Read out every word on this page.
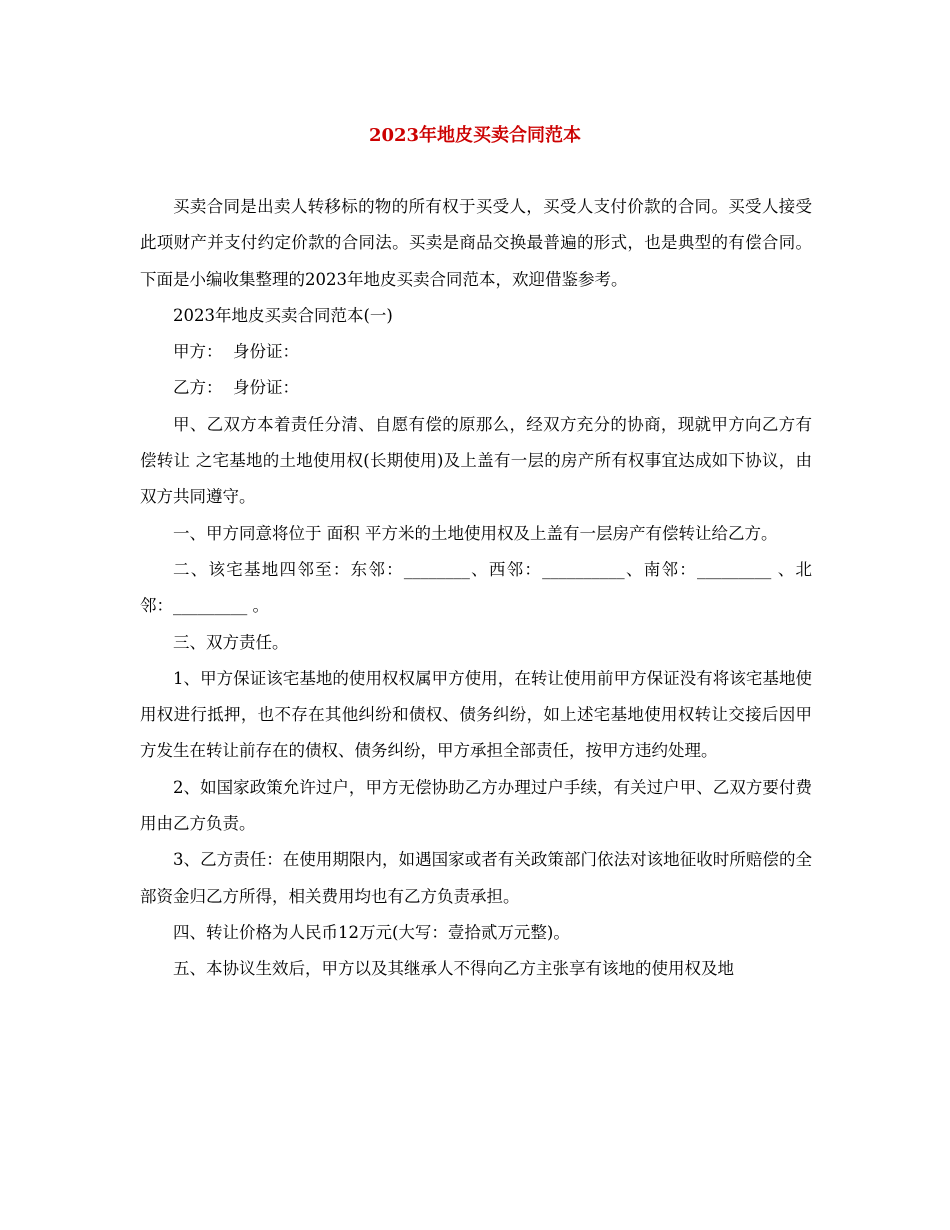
2023年地皮买卖合同范本

买卖合同是出卖人转移标的物的所有权于买受人，买受人支付价款的合同。买受人接受此项财产并支付约定价款的合同法。买卖是商品交换最普遍的形式，也是典型的有偿合同。下面是小编收集整理的2023年地皮买卖合同范本，欢迎借鉴参考。

2023年地皮买卖合同范本(一)

甲方：  身份证：

乙方：  身份证：

甲、乙双方本着责任分清、自愿有偿的原那么，经双方充分的协商，现就甲方向乙方有偿转让 之宅基地的土地使用权(长期使用)及上盖有一层的房产所有权事宜达成如下协议，由双方共同遵守。

一、甲方同意将位于 面积 平方米的土地使用权及上盖有一层房产有偿转让给乙方。

二、该宅基地四邻至：东邻：________、西邻：__________、南邻：_________ 、北邻：_________ 。

三、双方责任。

1、甲方保证该宅基地的使用权权属甲方使用，在转让使用前甲方保证没有将该宅基地使用权进行抵押，也不存在其他纠纷和债权、债务纠纷，如上述宅基地使用权转让交接后因甲方发生在转让前存在的债权、债务纠纷，甲方承担全部责任，按甲方违约处理。

2、如国家政策允许过户，甲方无偿协助乙方办理过户手续，有关过户甲、乙双方要付费用由乙方负责。

3、乙方责任：在使用期限内，如遇国家或者有关政策部门依法对该地征收时所赔偿的全部资金归乙方所得，相关费用均也有乙方负责承担。

四、转让价格为人民币12万元(大写：壹拾贰万元整)。

五、本协议生效后，甲方以及其继承人不得向乙方主张享有该地的使用权及地
